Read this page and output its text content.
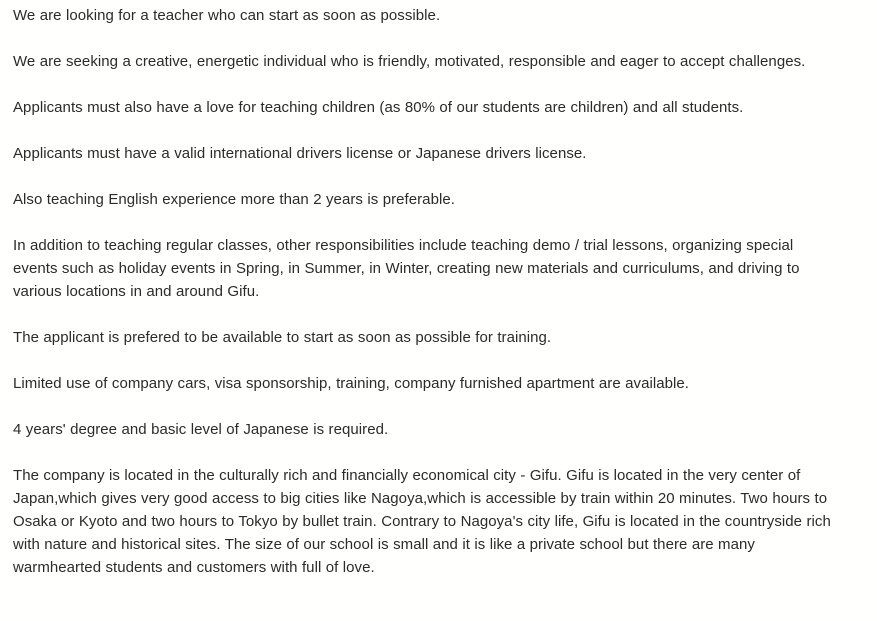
We are looking for a teacher who can start as soon as possible.

We are seeking a creative, energetic individual who is friendly, motivated, responsible and eager to accept challenges.

Applicants must also have a love for teaching children (as 80% of our students are children) and all students.

Applicants must have a valid international drivers license or Japanese drivers license.

Also teaching English experience more than 2 years is preferable.

In addition to teaching regular classes, other responsibilities include teaching demo / trial lessons, organizing special events such as holiday events in Spring, in Summer, in Winter, creating new materials and curriculums, and driving to various locations in and around Gifu.

The applicant is prefered to be available to start as soon as possible for training.

Limited use of company cars, visa sponsorship, training, company furnished apartment are available.

4 years' degree and basic level of Japanese is required.

The company is located in the culturally rich and financially economical city - Gifu. Gifu is located in the very center of Japan,which gives very good access to big cities like Nagoya,which is accessible by train within 20 minutes. Two hours to Osaka or Kyoto and two hours to Tokyo by bullet train. Contrary to Nagoya's city life, Gifu is located in the countryside rich with nature and historical sites. The size of our school is small and it is like a private school but there are many warmhearted students and customers with full of love.
